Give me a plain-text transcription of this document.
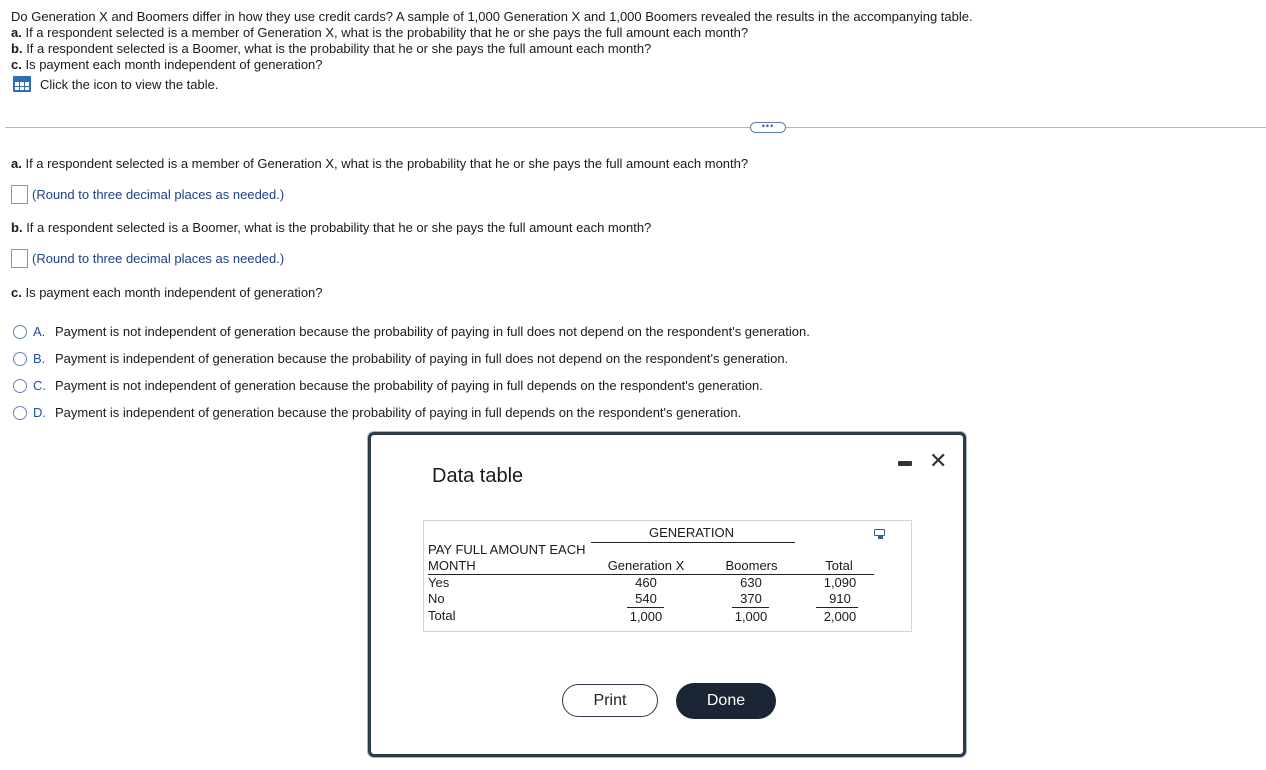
Do Generation X and Boomers differ in how they use credit cards? A sample of 1,000 Generation X and 1,000 Boomers revealed the results in the accompanying table.
a. If a respondent selected is a member of Generation X, what is the probability that he or she pays the full amount each month?
b. If a respondent selected is a Boomer, what is the probability that he or she pays the full amount each month?
c. Is payment each month independent of generation?
Click the icon to view the table.
•••
a. If a respondent selected is a member of Generation X, what is the probability that he or she pays the full amount each month?
(Round to three decimal places as needed.)
b. If a respondent selected is a Boomer, what is the probability that he or she pays the full amount each month?
(Round to three decimal places as needed.)
c. Is payment each month independent of generation?
A. Payment is not independent of generation because the probability of paying in full does not depend on the respondent's generation.
B. Payment is independent of generation because the probability of paying in full does not depend on the respondent's generation.
C. Payment is not independent of generation because the probability of paying in full depends on the respondent's generation.
D. Payment is independent of generation because the probability of paying in full depends on the respondent's generation.
Data table
✕
GENERATION
PAY FULL AMOUNT EACH
MONTH	Generation X	Boomers	Total
Yes	460	630	1,090
No	540	370	910
Total	1,000	1,000	2,000
Print	Done
